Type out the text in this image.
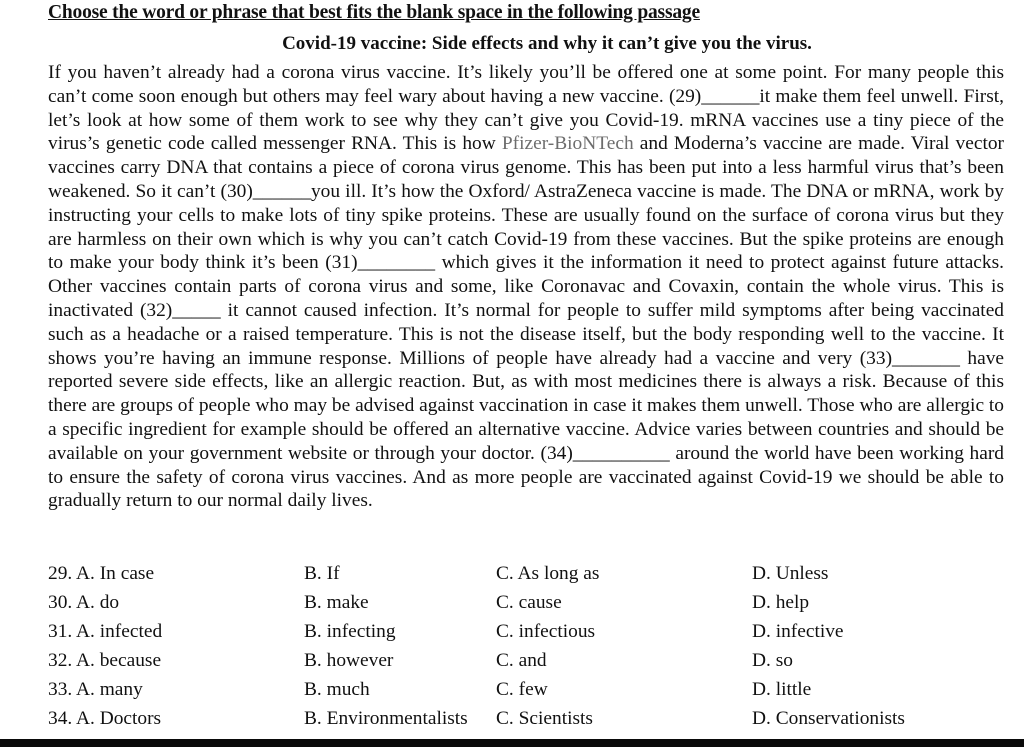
Choose the word or phrase that best fits the blank space in the following passage
Covid-19 vaccine: Side effects and why it can’t give you the virus.

If you haven’t already had a corona virus vaccine. It’s likely you’ll be offered one at some point. For many people this can’t come soon enough but others may feel wary about having a new vaccine. (29)______it make them feel unwell. First, let’s look at how some of them work to see why they can’t give you Covid-19. mRNA vaccines use a tiny piece of the virus’s genetic code called messenger RNA. This is how Pfizer-BioNTech and Moderna’s vaccine are made. Viral vector vaccines carry DNA that contains a piece of corona virus genome. This has been put into a less harmful virus that’s been weakened. So it can’t (30)______you ill. It’s how the Oxford/ AstraZeneca vaccine is made. The DNA or mRNA, work by instructing your cells to make lots of tiny spike proteins. These are usually found on the surface of corona virus but they are harmless on their own which is why you can’t catch Covid-19 from these vaccines. But the spike proteins are enough to make your body think it’s been (31)________ which gives it the information it need to protect against future attacks. Other vaccines contain parts of corona virus and some, like Coronavac and Covaxin, contain the whole virus. This is inactivated (32)_____ it cannot caused infection. It’s normal for people to suffer mild symptoms after being vaccinated such as a headache or a raised temperature. This is not the disease itself, but the body responding well to the vaccine. It shows you’re having an immune response. Millions of people have already had a vaccine and very (33)_______ have reported severe side effects, like an allergic reaction. But, as with most medicines there is always a risk. Because of this there are groups of people who may be advised against vaccination in case it makes them unwell. Those who are allergic to a specific ingredient for example should be offered an alternative vaccine. Advice varies between countries and should be available on your government website or through your doctor. (34)__________ around the world have been working hard to ensure the safety of corona virus vaccines. And as more people are vaccinated against Covid-19 we should be able to gradually return to our normal daily lives.

29. A. In case	B. If	C. As long as	D. Unless
30. A. do	B. make	C. cause	D. help
31. A. infected	B. infecting	C. infectious	D. infective
32. A. because	B. however	C. and	D. so
33. A. many	B. much	C. few	D. little
34. A. Doctors	B. Environmentalists C. Scientists	D. Conservationists
